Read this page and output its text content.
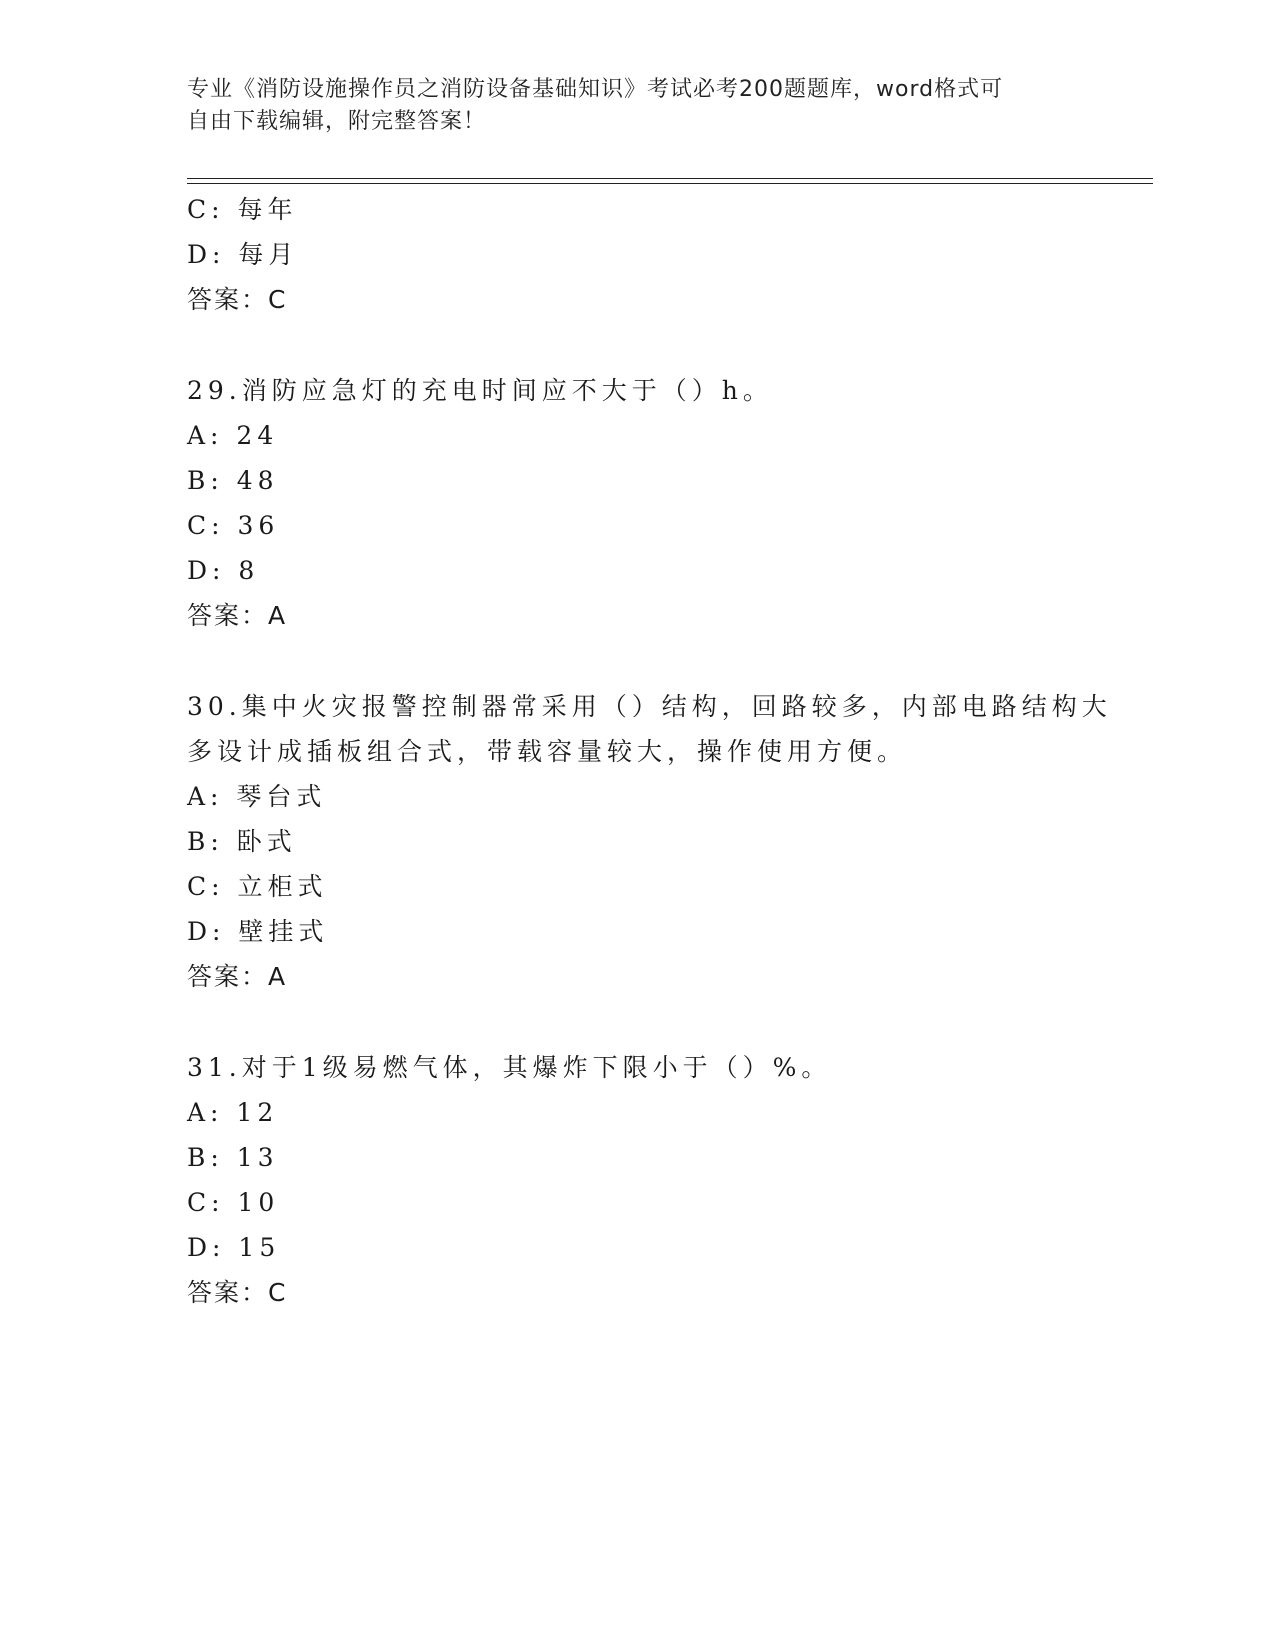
专业《消防设施操作员之消防设备基础知识》考试必考200题题库，word格式可
自由下载编辑，附完整答案！
C: 每年
D: 每月
答案：C
29.消防应急灯的充电时间应不大于（）h。
A: 24
B: 48
C: 36
D: 8
答案：A
30.集中火灾报警控制器常采用（）结构，回路较多，内部电路结构大
多设计成插板组合式，带载容量较大，操作使用方便。
A: 琴台式
B: 卧式
C: 立柜式
D: 壁挂式
答案：A
31.对于1级易燃气体，其爆炸下限小于（）%。
A: 12
B: 13
C: 10
D: 15
答案：C
